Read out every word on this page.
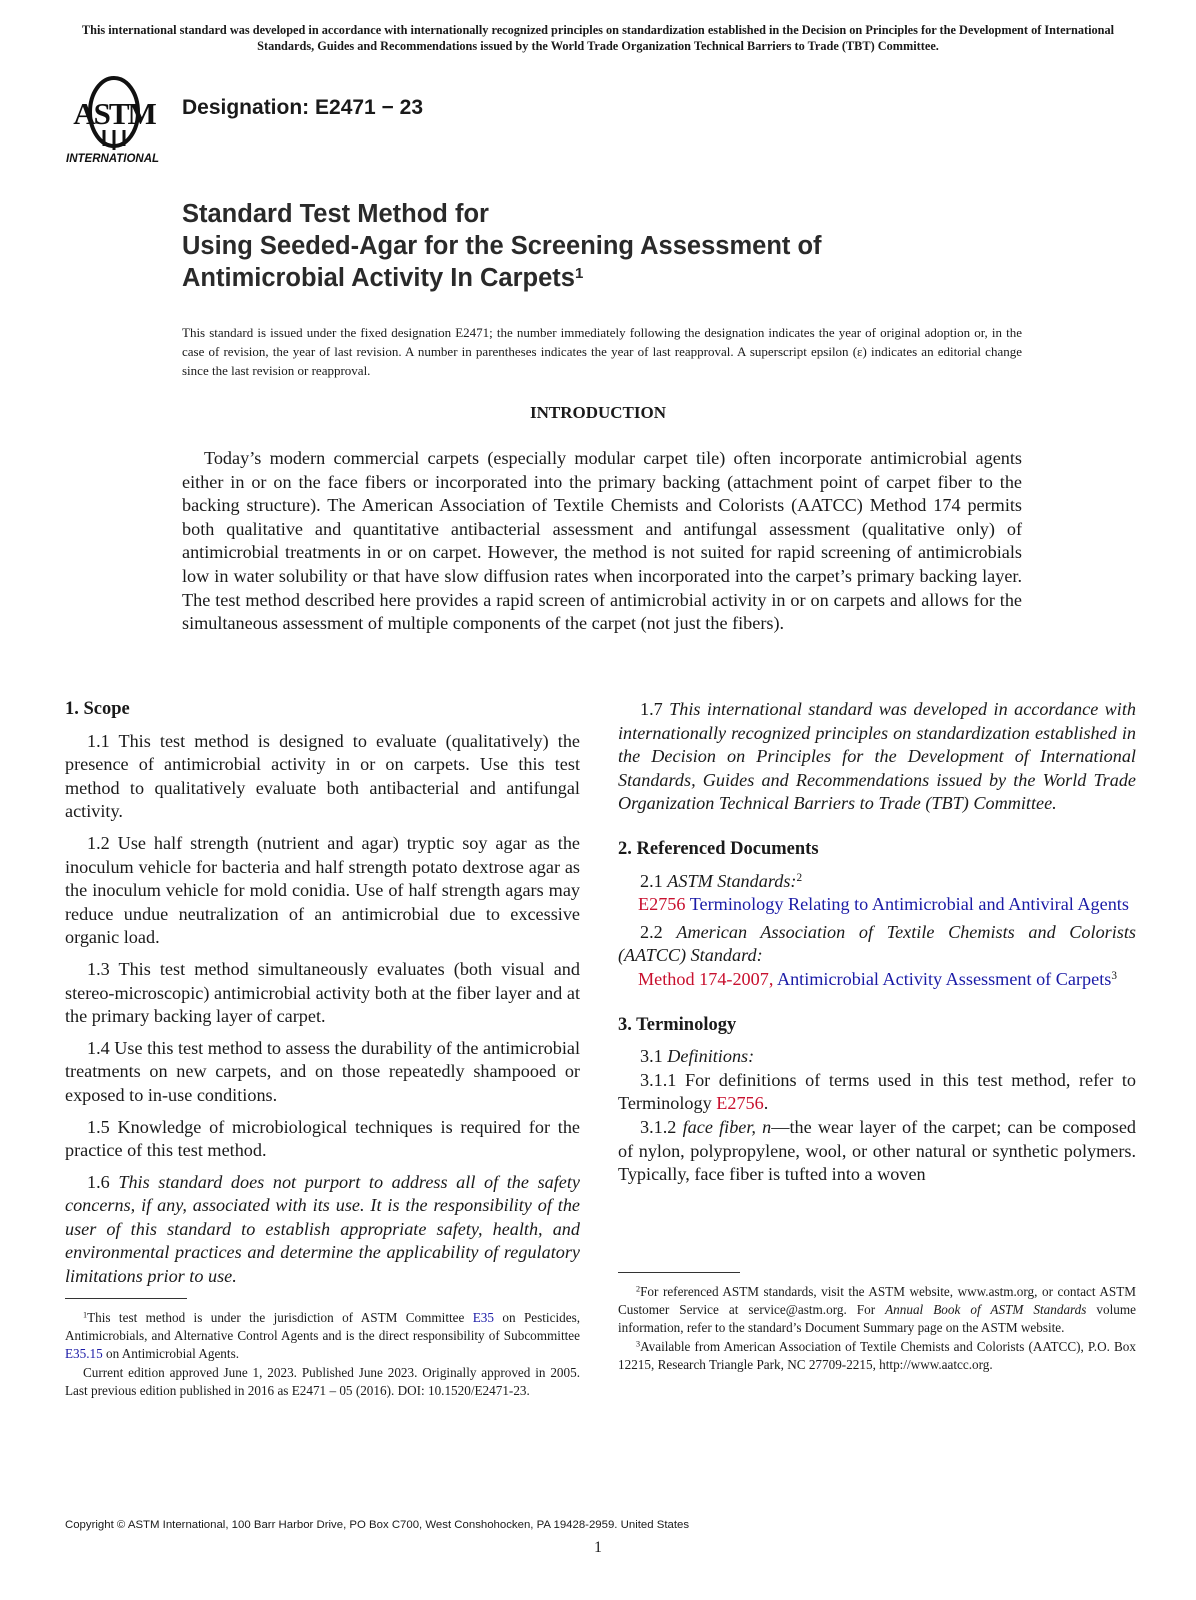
This international standard was developed in accordance with internationally recognized principles on standardization established in the Decision on Principles for the Development of International Standards, Guides and Recommendations issued by the World Trade Organization Technical Barriers to Trade (TBT) Committee.
ASTM
INTERNATIONAL
Designation: E2471 − 23
Standard Test Method for
Using Seeded-Agar for the Screening Assessment of
Antimicrobial Activity In Carpets$^1$
This standard is issued under the fixed designation E2471; the number immediately following the designation indicates the year of original adoption or, in the case of revision, the year of last revision. A number in parentheses indicates the year of last reapproval. A superscript epsilon (ε) indicates an editorial change since the last revision or reapproval.
INTRODUCTION
Today’s modern commercial carpets (especially modular carpet tile) often incorporate antimicrobial agents either in or on the face fibers or incorporated into the primary backing (attachment point of carpet fiber to the backing structure). The American Association of Textile Chemists and Colorists (AATCC) Method 174 permits both qualitative and quantitative antibacterial assessment and antifungal assessment (qualitative only) of antimicrobial treatments in or on carpet. However, the method is not suited for rapid screening of antimicrobials low in water solubility or that have slow diffusion rates when incorporated into the carpet’s primary backing layer. The test method described here provides a rapid screen of antimicrobial activity in or on carpets and allows for the simultaneous assessment of multiple components of the carpet (not just the fibers).
1. Scope

1.1 This test method is designed to evaluate (qualitatively) the presence of antimicrobial activity in or on carpets. Use this test method to qualitatively evaluate both antibacterial and antifungal activity.

1.2 Use half strength (nutrient and agar) tryptic soy agar as the inoculum vehicle for bacteria and half strength potato dextrose agar as the inoculum vehicle for mold conidia. Use of half strength agars may reduce undue neutralization of an antimicrobial due to excessive organic load.

1.3 This test method simultaneously evaluates (both visual and stereo-microscopic) antimicrobial activity both at the fiber layer and at the primary backing layer of carpet.

1.4 Use this test method to assess the durability of the antimicrobial treatments on new carpets, and on those repeatedly shampooed or exposed to in-use conditions.

1.5 Knowledge of microbiological techniques is required for the practice of this test method.

1.6 This standard does not purport to address all of the safety concerns, if any, associated with its use. It is the responsibility of the user of this standard to establish appropriate safety, health, and environmental practices and determine the applicability of regulatory limitations prior to use.

1.7 This international standard was developed in accordance with internationally recognized principles on standardization established in the Decision on Principles for the Development of International Standards, Guides and Recommendations issued by the World Trade Organization Technical Barriers to Trade (TBT) Committee.

2. Referenced Documents

2.1 ASTM Standards:$^2$

E2756 Terminology Relating to Antimicrobial and Antiviral Agents

2.2 American Association of Textile Chemists and Colorists (AATCC) Standard:

Method 174-2007, Antimicrobial Activity Assessment of Carpets$^3$

3. Terminology

3.1 Definitions:

3.1.1 For definitions of terms used in this test method, refer to Terminology E2756.

3.1.2 face fiber, n—the wear layer of the carpet; can be composed of nylon, polypropylene, wool, or other natural or synthetic polymers. Typically, face fiber is tufted into a woven

$^1$This test method is under the jurisdiction of ASTM Committee E35 on Pesticides, Antimicrobials, and Alternative Control Agents and is the direct responsibility of Subcommittee E35.15 on Antimicrobial Agents.

Current edition approved June 1, 2023. Published June 2023. Originally approved in 2005. Last previous edition published in 2016 as E2471 – 05 (2016). DOI: 10.1520/E2471-23.

$^2$For referenced ASTM standards, visit the ASTM website, www.astm.org, or contact ASTM Customer Service at service@astm.org. For Annual Book of ASTM Standards volume information, refer to the standard’s Document Summary page on the ASTM website.

$^3$Available from American Association of Textile Chemists and Colorists (AATCC), P.O. Box 12215, Research Triangle Park, NC 27709-2215, http://www.aatcc.org.

Copyright © ASTM International, 100 Barr Harbor Drive, PO Box C700, West Conshohocken, PA 19428-2959. United States
1
